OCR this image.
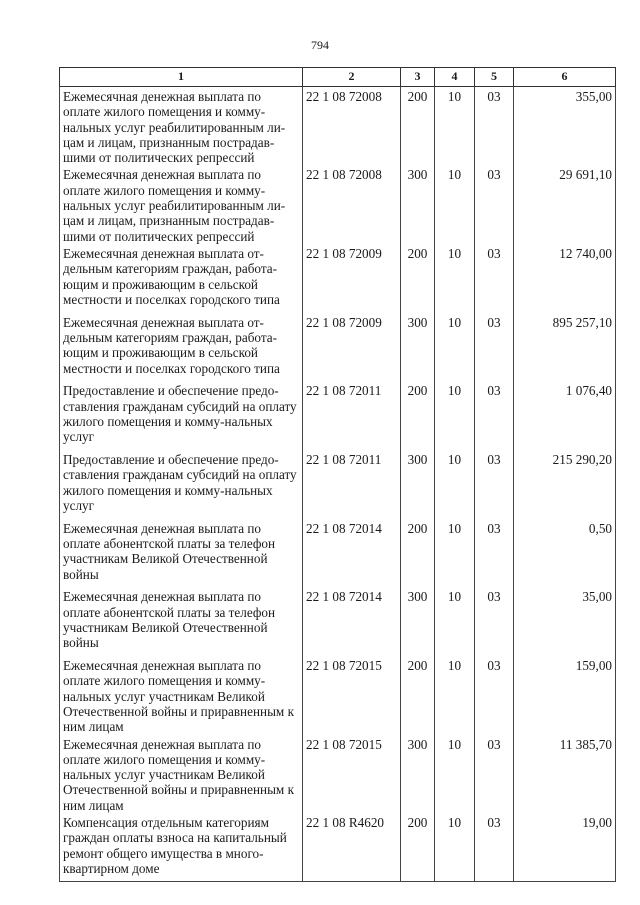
794
1	2	3	4	5	6
Ежемесячная денежная выплата по оплате жилого помещения и комму-нальных услуг реабилитированным ли-цам и лицам, признанным пострадав-шими от политических репрессий	22 1 08 72008	200	10	03	355,00
Ежемесячная денежная выплата по оплате жилого помещения и комму-нальных услуг реабилитированным ли-цам и лицам, признанным пострадав-шими от политических репрессий	22 1 08 72008	300	10	03	29 691,10
Ежемесячная денежная выплата от-дельным категориям граждан, работа-ющим и проживающим в сельской местности и поселках городского типа	22 1 08 72009	200	10	03	12 740,00
Ежемесячная денежная выплата от-дельным категориям граждан, работа-ющим и проживающим в сельской местности и поселках городского типа	22 1 08 72009	300	10	03	895 257,10
Предоставление и обеспечение предо-ставления гражданам субсидий на оплату жилого помещения и комму-нальных услуг	22 1 08 72011	200	10	03	1 076,40
Предоставление и обеспечение предо-ставления гражданам субсидий на оплату жилого помещения и комму-нальных услуг	22 1 08 72011	300	10	03	215 290,20
Ежемесячная денежная выплата по оплате абонентской платы за телефон участникам Великой Отечественной войны	22 1 08 72014	200	10	03	0,50
Ежемесячная денежная выплата по оплате абонентской платы за телефон участникам Великой Отечественной войны	22 1 08 72014	300	10	03	35,00
Ежемесячная денежная выплата по оплате жилого помещения и комму-нальных услуг участникам Великой Отечественной войны и приравненным к ним лицам	22 1 08 72015	200	10	03	159,00
Ежемесячная денежная выплата по оплате жилого помещения и комму-нальных услуг участникам Великой Отечественной войны и приравненным к ним лицам	22 1 08 72015	300	10	03	11 385,70
Компенсация отдельным категориям граждан оплаты взноса на капитальный ремонт общего имущества в много-квартирном доме	22 1 08 R4620	200	10	03	19,00
